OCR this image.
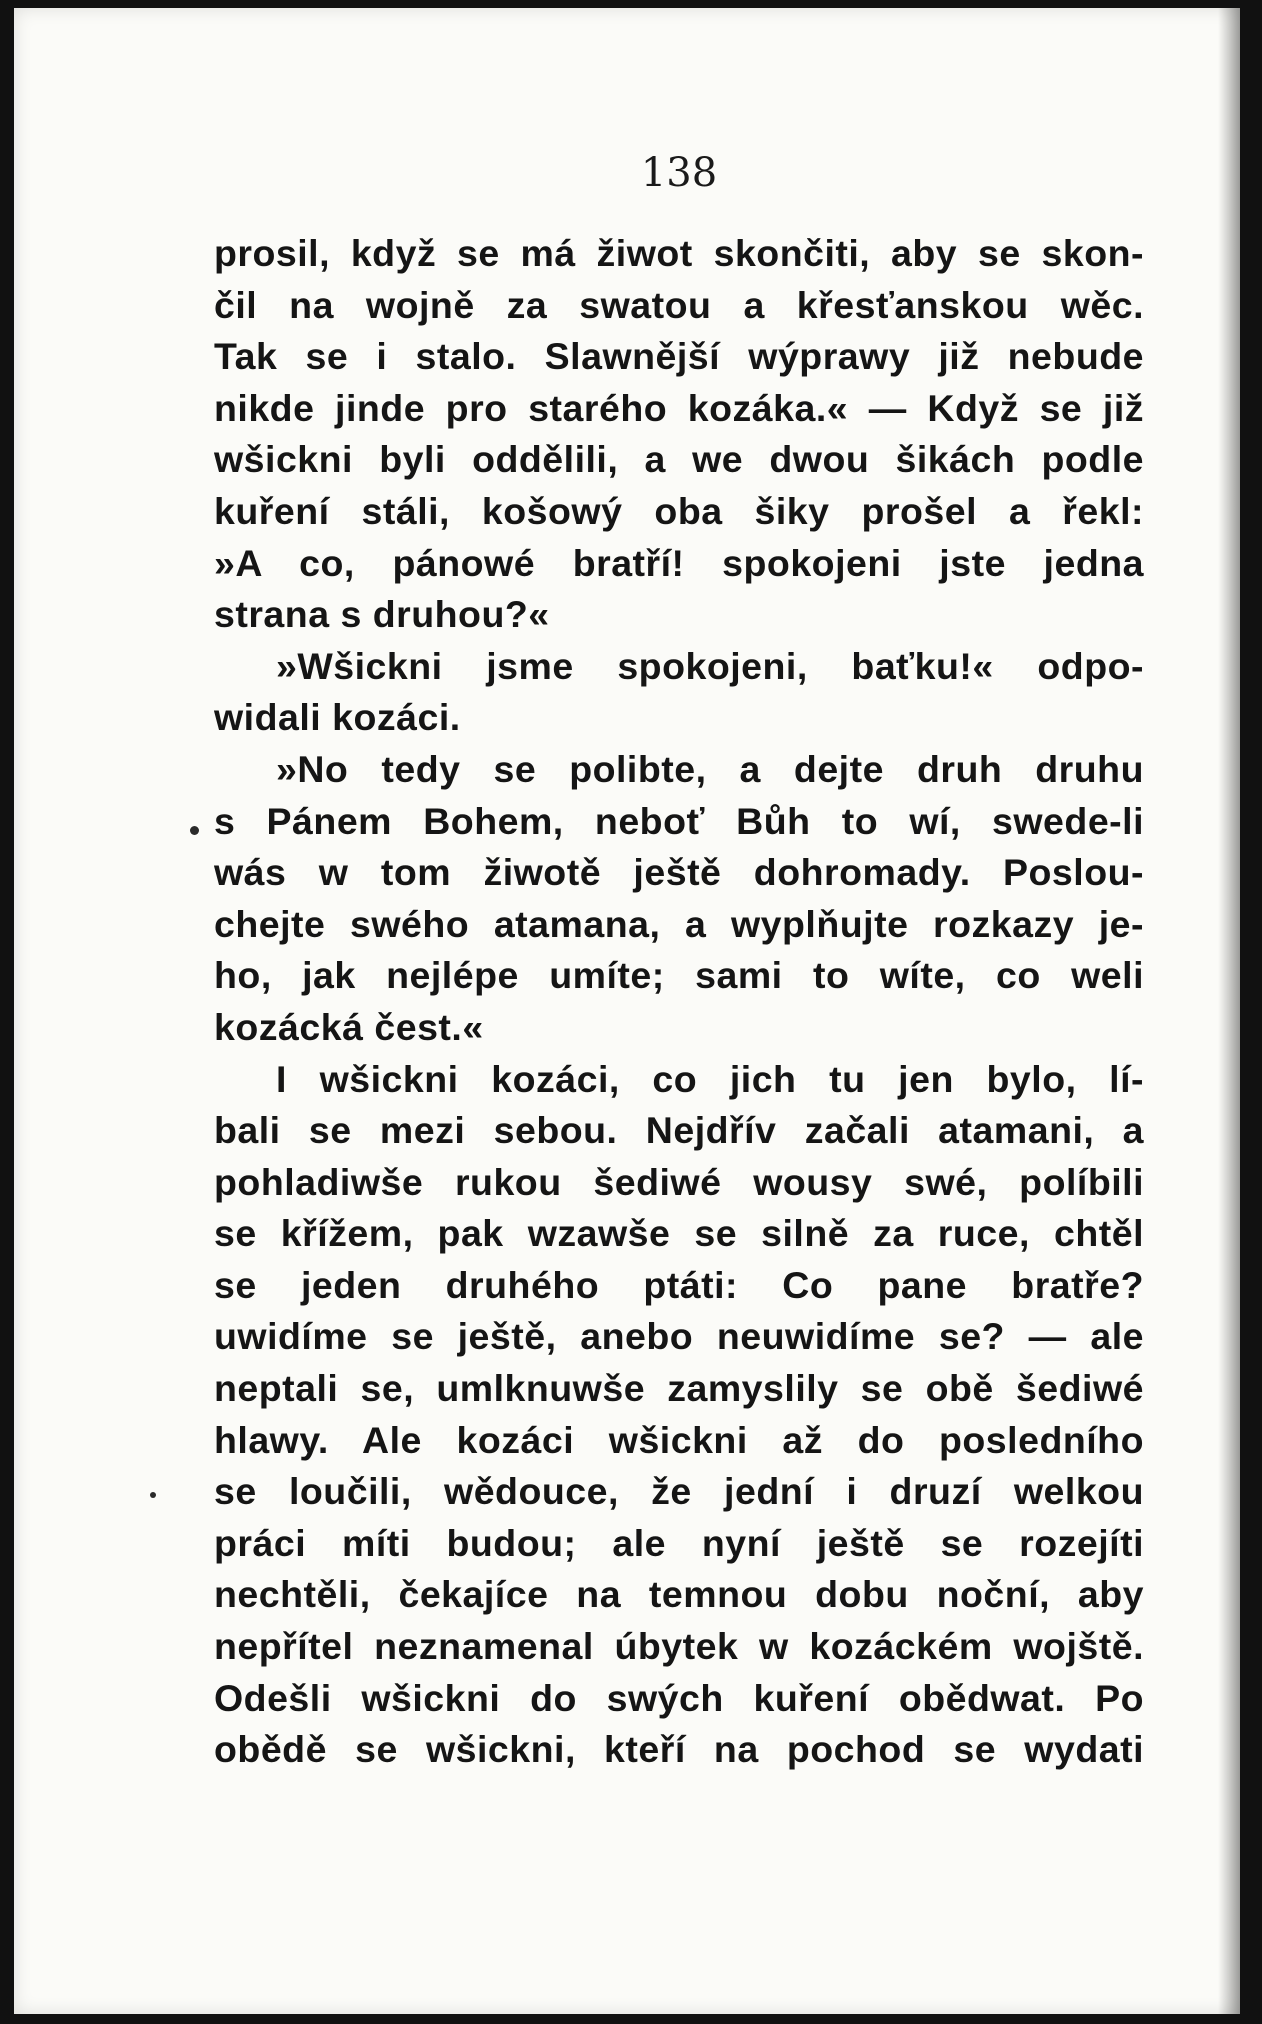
138
prosil, když se má žiwot skončiti, aby se skon-
čil na wojně za swatou a křesťanskou wěc.
Tak se i stalo. Slawnější wýprawy již nebude
nikde jinde pro starého kozáka.« — Když se již
wšickni byli oddělili, a we dwou šikách podle
kuření stáli, košowý oba šiky prošel a řekl:
»A co, pánowé bratří! spokojeni jste jedna
strana s druhou?«
»Wšickni jsme spokojeni, baťku!« odpo-
widali kozáci.
»No tedy se polibte, a dejte druh druhu
s Pánem Bohem, neboť Bůh to wí, swede-li
wás w tom žiwotě ještě dohromady. Poslou-
chejte swého atamana, a wyplňujte rozkazy je-
ho, jak nejlépe umíte; sami to wíte, co weli
kozácká čest.«
I wšickni kozáci, co jich tu jen bylo, lí-
bali se mezi sebou. Nejdřív začali atamani, a
pohladiwše rukou šediwé wousy swé, políbili
se křížem, pak wzawše se silně za ruce, chtěl
se jeden druhého ptáti: Co pane bratře?
uwidíme se ještě, anebo neuwidíme se? — ale
neptali se, umlknuwše zamyslily se obě šediwé
hlawy. Ale kozáci wšickni až do posledního
se loučili, wědouce, že jední i druzí welkou
práci míti budou; ale nyní ještě se rozejíti
nechtěli, čekajíce na temnou dobu noční, aby
nepřítel neznamenal úbytek w kozáckém wojště.
Odešli wšickni do swých kuření obědwat. Po
obědě se wšickni, kteří na pochod se wydati
